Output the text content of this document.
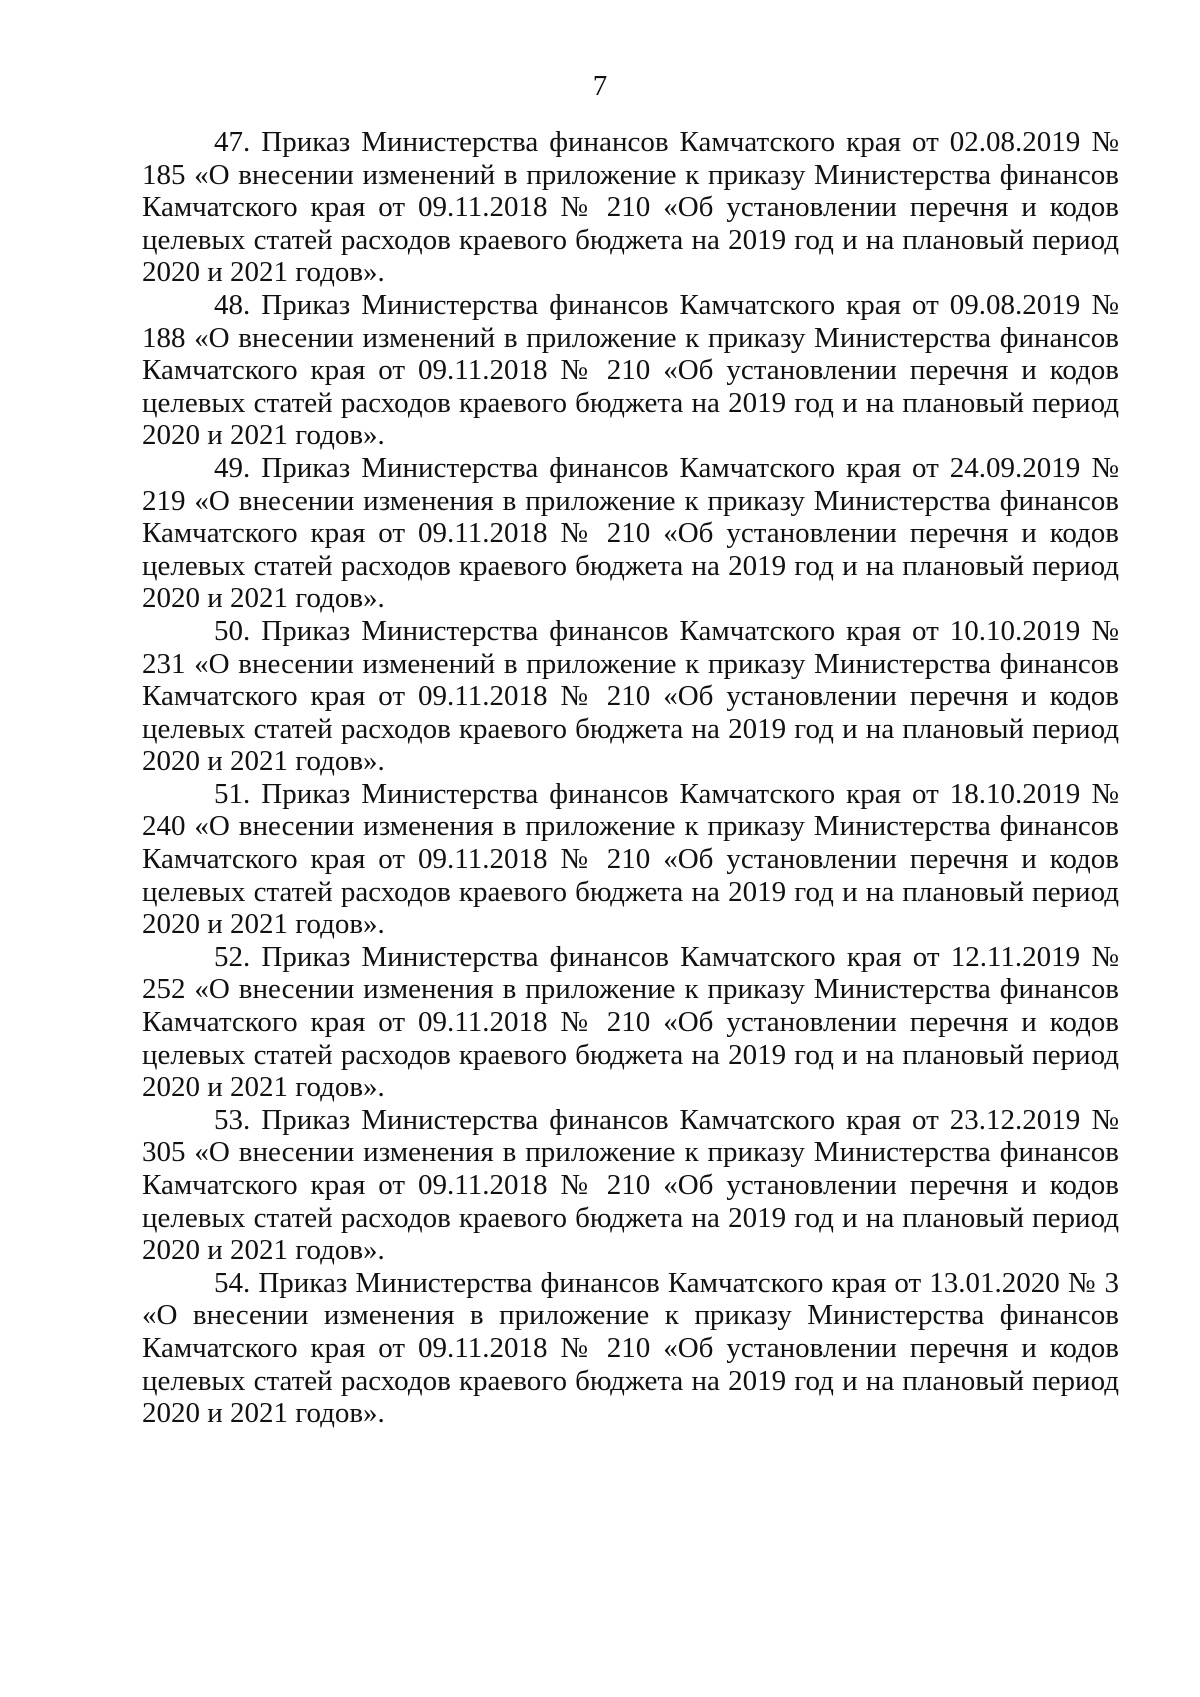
7

47. Приказ Министерства финансов Камчатского края от 02.08.2019 № 185 «О внесении изменений в приложение к приказу Министерства финансов Камчатского края от 09.11.2018 № 210 «Об установлении перечня и кодов целевых статей расходов краевого бюджета на 2019 год и на плановый период 2020 и 2021 годов».

48. Приказ Министерства финансов Камчатского края от 09.08.2019 № 188 «О внесении изменений в приложение к приказу Министерства финансов Камчатского края от 09.11.2018 № 210 «Об установлении перечня и кодов целевых статей расходов краевого бюджета на 2019 год и на плановый период 2020 и 2021 годов».

49. Приказ Министерства финансов Камчатского края от 24.09.2019 № 219 «О внесении изменения в приложение к приказу Министерства финансов Камчатского края от 09.11.2018 № 210 «Об установлении перечня и кодов целевых статей расходов краевого бюджета на 2019 год и на плановый период 2020 и 2021 годов».

50. Приказ Министерства финансов Камчатского края от 10.10.2019 № 231 «О внесении изменений в приложение к приказу Министерства финансов Камчатского края от 09.11.2018 № 210 «Об установлении перечня и кодов целевых статей расходов краевого бюджета на 2019 год и на плановый период 2020 и 2021 годов».

51. Приказ Министерства финансов Камчатского края от 18.10.2019 № 240 «О внесении изменения в приложение к приказу Министерства финансов Камчатского края от 09.11.2018 № 210 «Об установлении перечня и кодов целевых статей расходов краевого бюджета на 2019 год и на плановый период 2020 и 2021 годов».

52. Приказ Министерства финансов Камчатского края от 12.11.2019 № 252 «О внесении изменения в приложение к приказу Министерства финансов Камчатского края от 09.11.2018 № 210 «Об установлении перечня и кодов целевых статей расходов краевого бюджета на 2019 год и на плановый период 2020 и 2021 годов».

53. Приказ Министерства финансов Камчатского края от 23.12.2019 № 305 «О внесении изменения в приложение к приказу Министерства финансов Камчатского края от 09.11.2018 № 210 «Об установлении перечня и кодов целевых статей расходов краевого бюджета на 2019 год и на плановый период 2020 и 2021 годов».

54. Приказ Министерства финансов Камчатского края от 13.01.2020 № 3 «О внесении изменения в приложение к приказу Министерства финансов Камчатского края от 09.11.2018 № 210 «Об установлении перечня и кодов целевых статей расходов краевого бюджета на 2019 год и на плановый период 2020 и 2021 годов».
